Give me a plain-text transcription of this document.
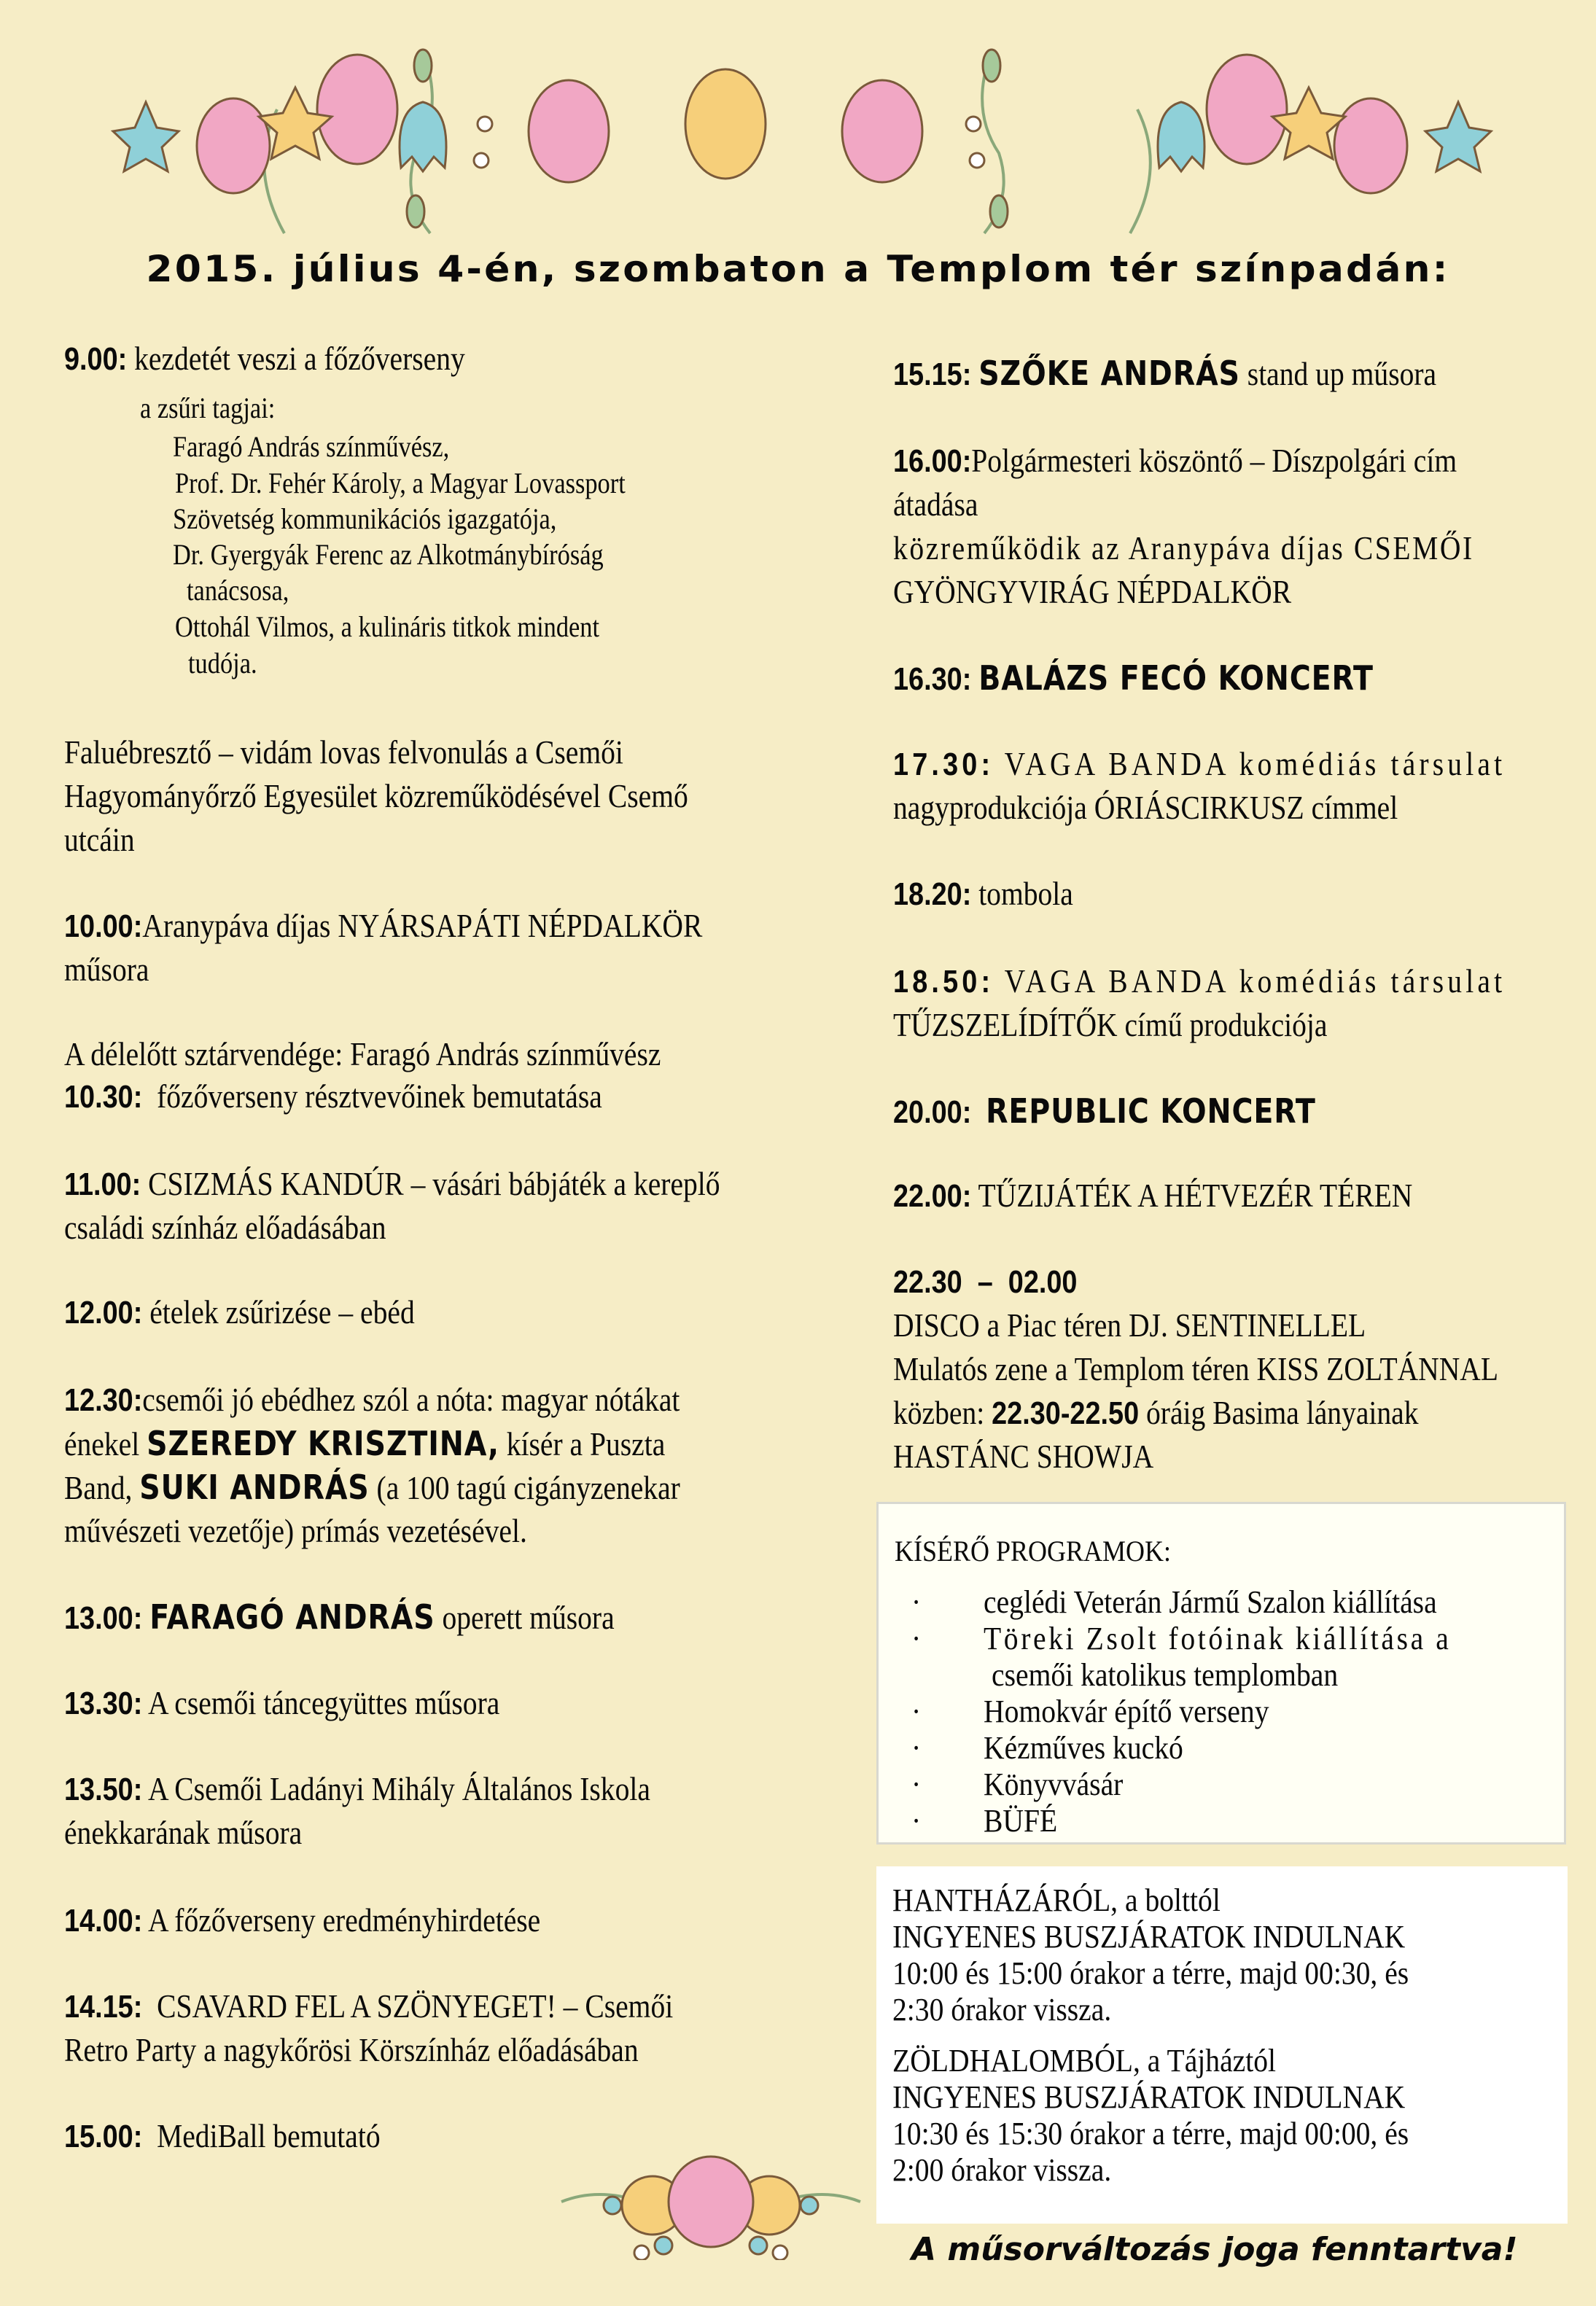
2015. július 4-én, szombaton a Templom tér színpadán:
9.00: kezdetét veszi a főzőverseny
a zsűri tagjai:
Faragó András színművész,
Prof. Dr. Fehér Károly, a Magyar Lovassport
Szövetség kommunikációs igazgatója,
Dr. Gyergyák Ferenc az Alkotmánybíróság
tanácsosa,
Ottohál Vilmos, a kulináris titkok mindent
tudója.
Faluébresztő – vidám lovas felvonulás a Csemői
Hagyományőrző Egyesület közreműködésével Csemő
utcáin
10.00:Aranypáva díjas NYÁRSAPÁTI NÉPDALKÖR
műsora
A délelőtt sztárvendége: Faragó András színművész
10.30: főzőverseny résztvevőinek bemutatása
11.00: CSIZMÁS KANDÚR – vásári bábjáték a kereplő
családi színház előadásában
12.00: ételek zsűrizése – ebéd
12.30:csemői jó ebédhez szól a nóta: magyar nótákat
énekel SZEREDY KRISZTINA, kísér a Puszta
Band, SUKI ANDRÁS (a 100 tagú cigányzenekar
művészeti vezetője) prímás vezetésével.
13.00: FARAGÓ ANDRÁS operett műsora
13.30: A csemői táncegyüttes műsora
13.50: A Csemői Ladányi Mihály Általános Iskola
énekkarának műsora
14.00: A főzőverseny eredményhirdetése
14.15: CSAVARD FEL A SZÖNYEGET! – Csemői
Retro Party a nagykőrösi Körszínház előadásában
15.00: MediBall bemutató
15.15: SZŐKE ANDRÁS stand up műsora
16.00:Polgármesteri köszöntő – Díszpolgári cím
átadása
közreműködik az Aranypáva díjas CSEMŐI
GYÖNGYVIRÁG NÉPDALKÖR
16.30: BALÁZS FECÓ KONCERT
17.30: VAGA BANDA komédiás társulat
nagyprodukciója ÓRIÁSCIRKUSZ címmel
18.20: tombola
18.50: VAGA BANDA komédiás társulat
TŰZSZELÍDÍTŐK című produkciója
20.00: REPUBLIC KONCERT
22.00: TŰZIJÁTÉK A HÉTVEZÉR TÉREN
22.30  –  02.00
DISCO a Piac téren DJ. SENTINELLEL
Mulatós zene a Templom téren KISS ZOLTÁNNAL
közben: 22.30-22.50 óráig Basima lányainak
HASTÁNC SHOWJA
KÍSÉRŐ PROGRAMOK:
· ceglédi Veterán Jármű Szalon kiállítása
· Töreki Zsolt fotóinak kiállítása a
csemői katolikus templomban
· Homokvár építő verseny
· Kézműves kuckó
· Könyvvásár
· BÜFÉ
HANTHÁZÁRÓL, a bolttól
INGYENES BUSZJÁRATOK INDULNAK
10:00 és 15:00 órakor a térre, majd 00:30, és
2:30 órakor vissza.
ZÖLDHALOMBÓL, a Tájháztól
INGYENES BUSZJÁRATOK INDULNAK
10:30 és 15:30 órakor a térre, majd 00:00, és
2:00 órakor vissza.
A műsorváltozás joga fenntartva!
